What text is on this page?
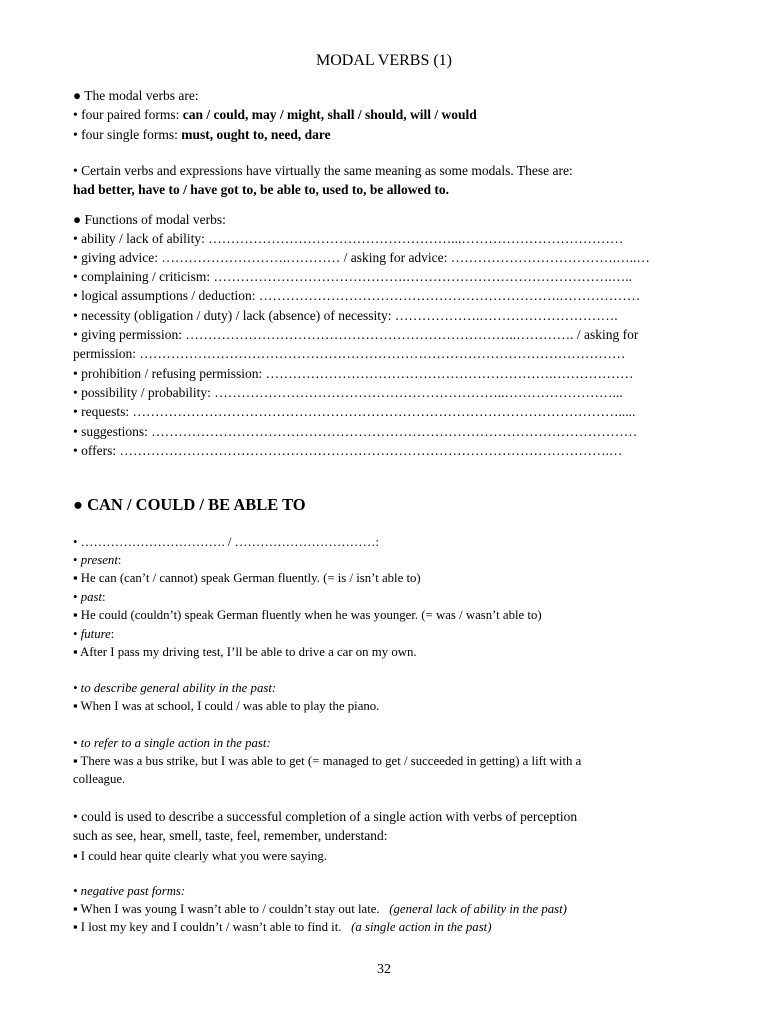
MODAL VERBS (1)
● The modal verbs are:
• four paired forms: can / could, may / might, shall / should, will / would
• four single forms: must, ought to, need, dare
• Certain verbs and expressions have virtually the same meaning as some modals. These are:
had better, have to / have got to, be able to, used to, be allowed to.
● Functions of modal verbs:
• ability / lack of ability: ………………………………………………...………………………………
• giving advice: ……………………….………… / asking for advice: ……………………………….…..…
• complaining / criticism: …………………………………….……………………………………….…..
• logical assumptions / deduction: ………………………………………………………….………………
• necessity (obligation / duty) / lack (absence) of necessity: ……………….………………………….
• giving permission: ………………………………………………………………..…………. / asking for
permission: ………………………………………………………………………………………………
• prohibition / refusing permission: ……………………………………………………….………………
• possibility / probability: ………………………………………………………..……………………...
• requests: ……………………………………………………………………………………………….....
• suggestions: ………………………………………………………………………………………………
• offers: ……………………………………………………………………………………………….…
● CAN / COULD / BE ABLE TO
• ……………………………. / ……………………………:
• present:
▪ He can (can’t / cannot) speak German fluently. (= is / isn’t able to)
• past:
▪ He could (couldn’t) speak German fluently when he was younger. (= was / wasn’t able to)
• future:
▪ After I pass my driving test, I’ll be able to drive a car on my own.
• to describe general ability in the past:
▪ When I was at school, I could / was able to play the piano.
• to refer to a single action in the past:
▪ There was a bus strike, but I was able to get (= managed to get / succeeded in getting) a lift with a
colleague.
• could is used to describe a successful completion of a single action with verbs of perception
such as see, hear, smell, taste, feel, remember, understand:
▪ I could hear quite clearly what you were saying.
• negative past forms:
▪ When I was young I wasn’t able to / couldn’t stay out late. (general lack of ability in the past)
▪ I lost my key and I couldn’t / wasn’t able to find it. (a single action in the past)
32
